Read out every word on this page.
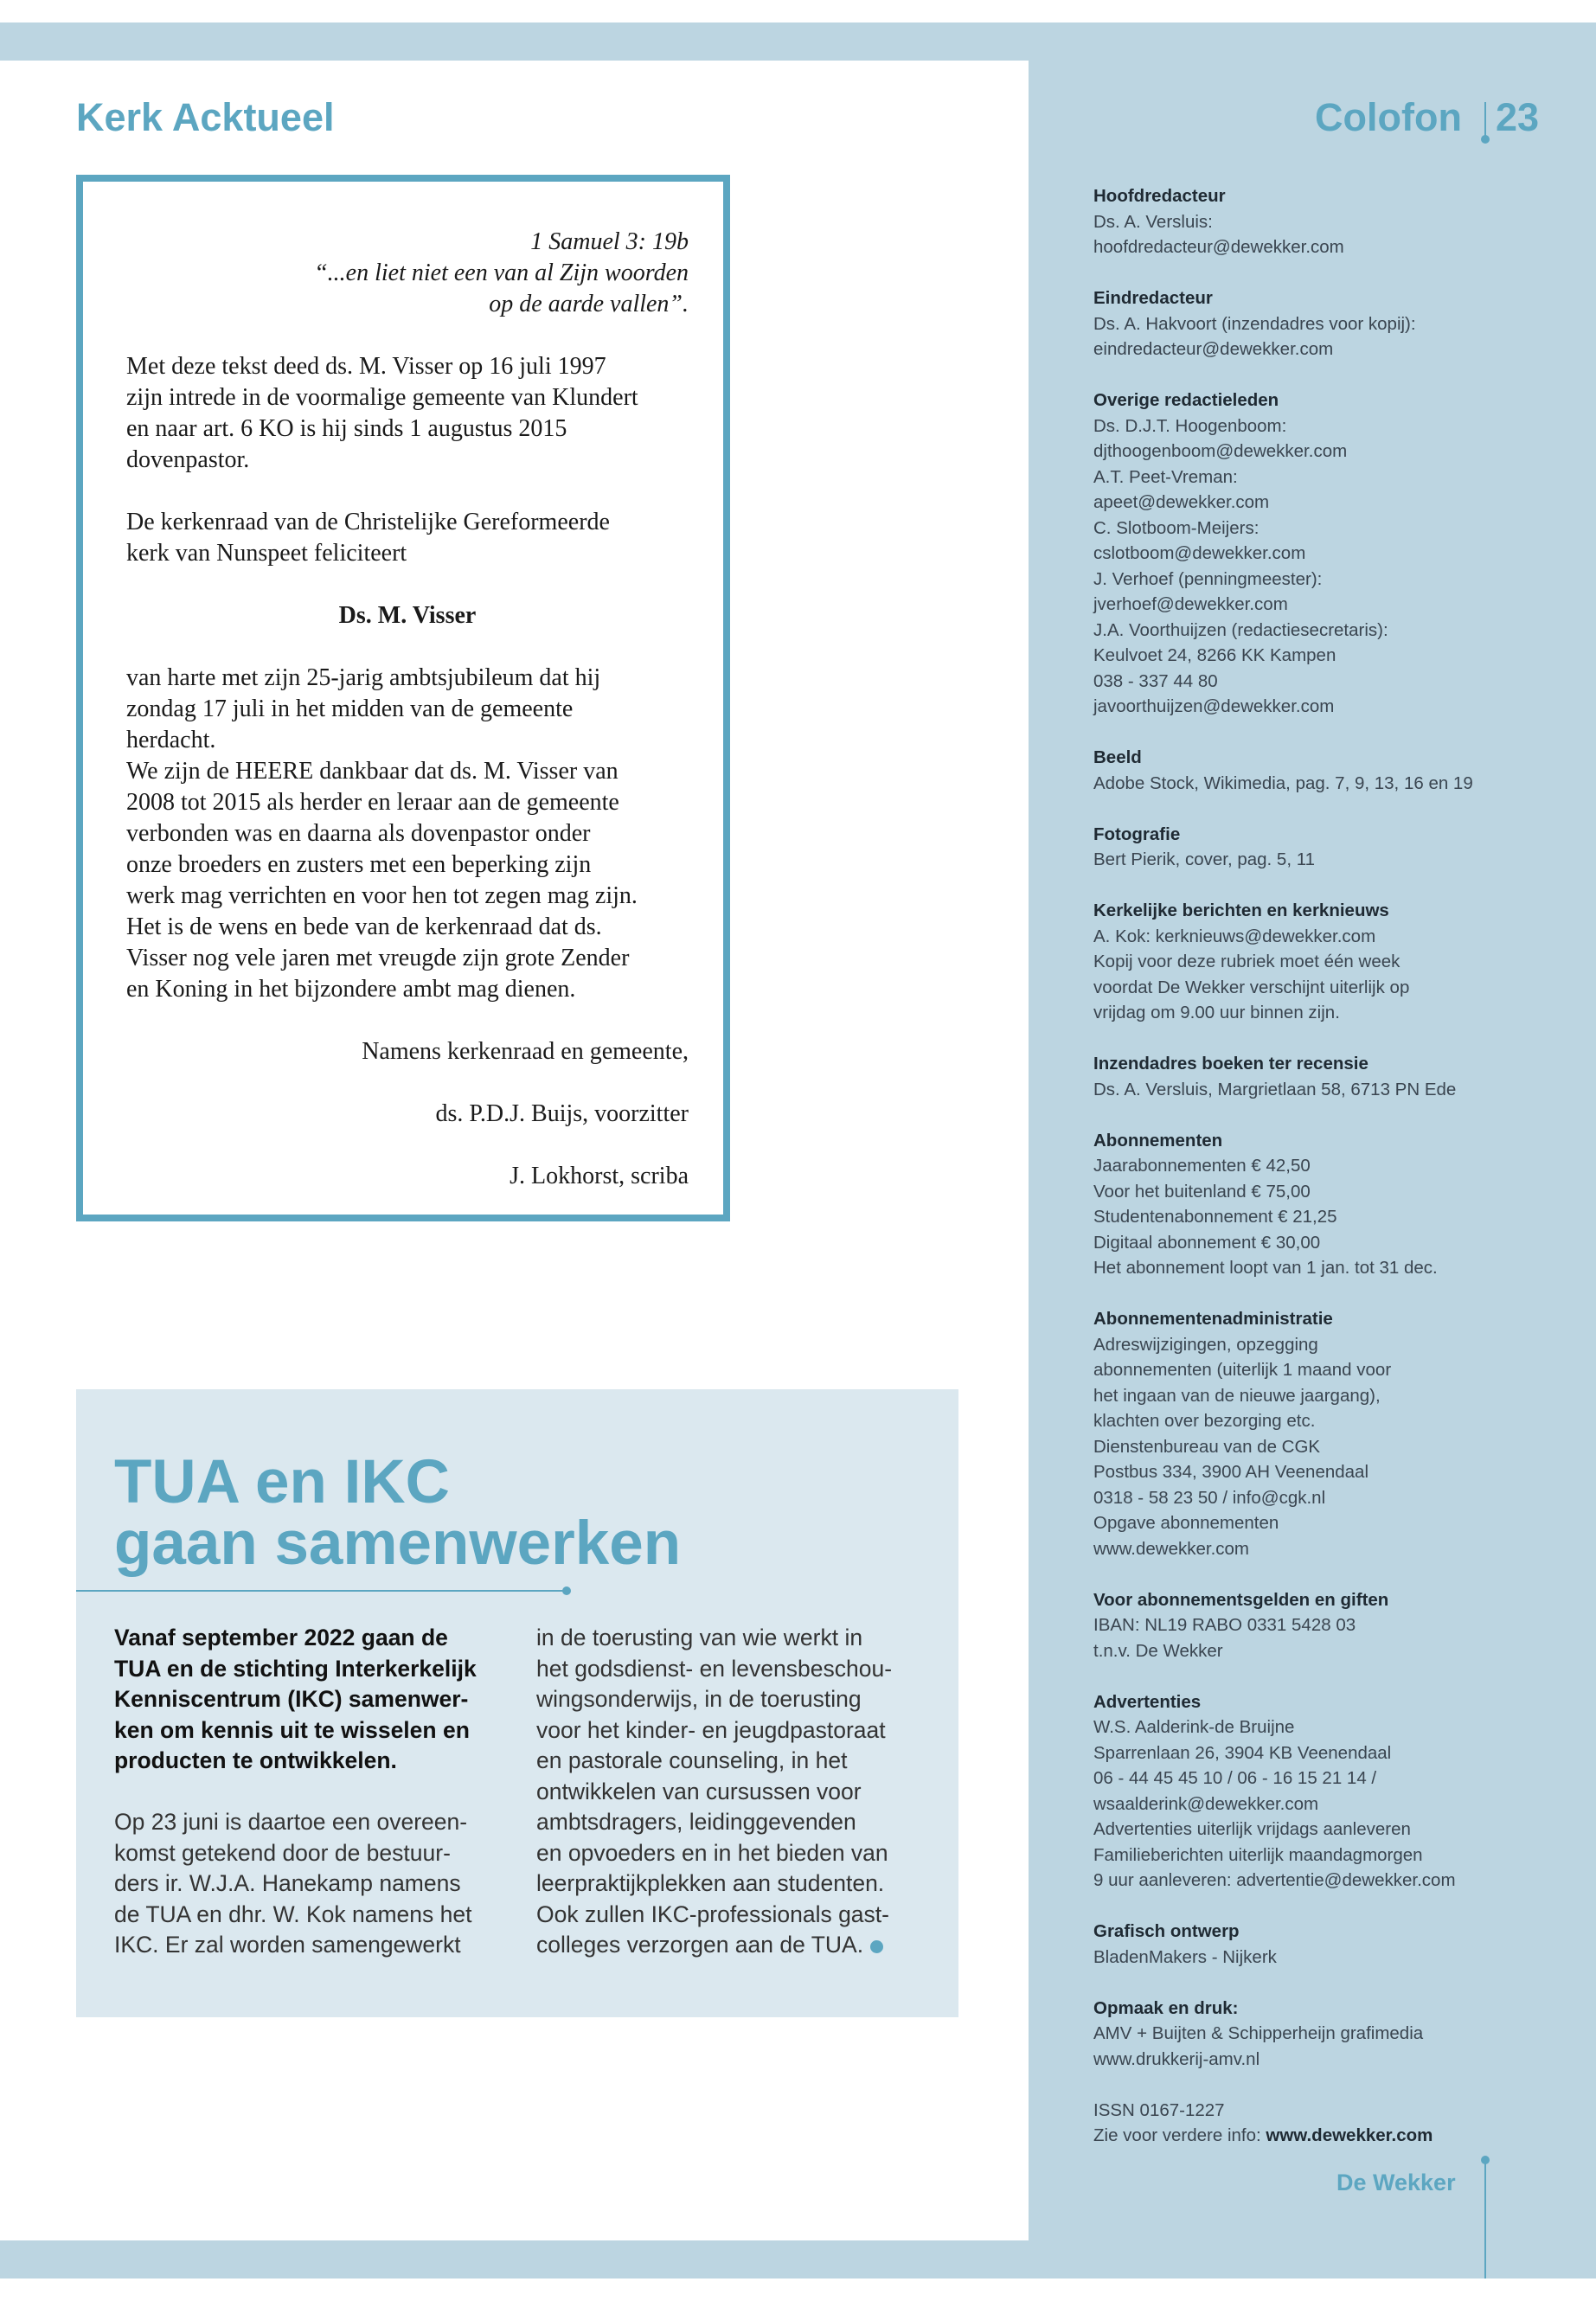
Kerk Acktueel
1 Samuel 3: 19b
“...en liet niet een van al Zijn woorden
op de aarde vallen”.
Met deze tekst deed ds. M. Visser op 16 juli 1997
zijn intrede in de voormalige gemeente van Klundert
en naar art. 6 KO is hij sinds 1 augustus 2015
dovenpastor.
De kerkenraad van de Christelijke Gereformeerde
kerk van Nunspeet feliciteert
Ds. M. Visser
van harte met zijn 25-jarig ambtsjubileum dat hij
zondag 17 juli in het midden van de gemeente
herdacht.
We zijn de HEERE dankbaar dat ds. M. Visser van
2008 tot 2015 als herder en leraar aan de gemeente
verbonden was en daarna als dovenpastor onder
onze broeders en zusters met een beperking zijn
werk mag verrichten en voor hen tot zegen mag zijn.
Het is de wens en bede van de kerkenraad dat ds.
Visser nog vele jaren met vreugde zijn grote Zender
en Koning in het bijzondere ambt mag dienen.
Namens kerkenraad en gemeente,
ds. P.D.J. Buijs, voorzitter
J. Lokhorst, scriba
TUA en IKC
gaan samenwerken
Vanaf september 2022 gaan de
TUA en de stichting Interkerkelijk
Kenniscentrum (IKC) samenwer-
ken om kennis uit te wisselen en
producten te ontwikkelen.
Op 23 juni is daartoe een overeen-
komst getekend door de bestuur-
ders ir. W.J.A. Hanekamp namens
de TUA en dhr. W. Kok namens het
IKC. Er zal worden samengewerkt
in de toerusting van wie werkt in
het godsdienst- en levensbeschou-
wingsonderwijs, in de toerusting
voor het kinder- en jeugdpastoraat
en pastorale counseling, in het
ontwikkelen van cursussen voor
ambtsdragers, leidinggevenden
en opvoeders en in het bieden van
leerpraktijkplekken aan studenten.
Ook zullen IKC-professionals gast-
colleges verzorgen aan de TUA.
Colofon 23
Hoofdredacteur
Ds. A. Versluis:
hoofdredacteur@dewekker.com
Eindredacteur
Ds. A. Hakvoort (inzendadres voor kopij):
eindredacteur@dewekker.com
Overige redactieleden
Ds. D.J.T. Hoogenboom:
djthoogenboom@dewekker.com
A.T. Peet-Vreman:
apeet@dewekker.com
C. Slotboom-Meijers:
cslotboom@dewekker.com
J. Verhoef (penningmeester):
jverhoef@dewekker.com
J.A. Voorthuijzen (redactiesecretaris):
Keulvoet 24, 8266 KK Kampen
038 - 337 44 80
javoorthuijzen@dewekker.com
Beeld
Adobe Stock, Wikimedia, pag. 7, 9, 13, 16 en 19
Fotografie
Bert Pierik, cover, pag. 5, 11
Kerkelijke berichten en kerknieuws
A. Kok: kerknieuws@dewekker.com
Kopij voor deze rubriek moet één week
voordat De Wekker verschijnt uiterlijk op
vrijdag om 9.00 uur binnen zijn.
Inzendadres boeken ter recensie
Ds. A. Versluis, Margrietlaan 58, 6713 PN Ede
Abonnementen
Jaarabonnementen € 42,50
Voor het buitenland € 75,00
Studentenabonnement € 21,25
Digitaal abonnement € 30,00
Het abonnement loopt van 1 jan. tot 31 dec.
Abonnementenadministratie
Adreswijzigingen, opzegging
abonnementen (uiterlijk 1 maand voor
het ingaan van de nieuwe jaargang),
klachten over bezorging etc.
Dienstenbureau van de CGK
Postbus 334, 3900 AH Veenendaal
0318 - 58 23 50 / info@cgk.nl
Opgave abonnementen
www.dewekker.com
Voor abonnementsgelden en giften
IBAN: NL19 RABO 0331 5428 03
t.n.v. De Wekker
Advertenties
W.S. Aalderink-de Bruijne
Sparrenlaan 26, 3904 KB Veenendaal
06 - 44 45 45 10 / 06 - 16 15 21 14 /
wsaalderink@dewekker.com
Advertenties uiterlijk vrijdags aanleveren
Familieberichten uiterlijk maandagmorgen
9 uur aanleveren: advertentie@dewekker.com
Grafisch ontwerp
BladenMakers - Nijkerk
Opmaak en druk:
AMV + Buijten & Schipperheijn grafimedia
www.drukkerij-amv.nl
ISSN 0167-1227
Zie voor verdere info: www.dewekker.com
De Wekker
